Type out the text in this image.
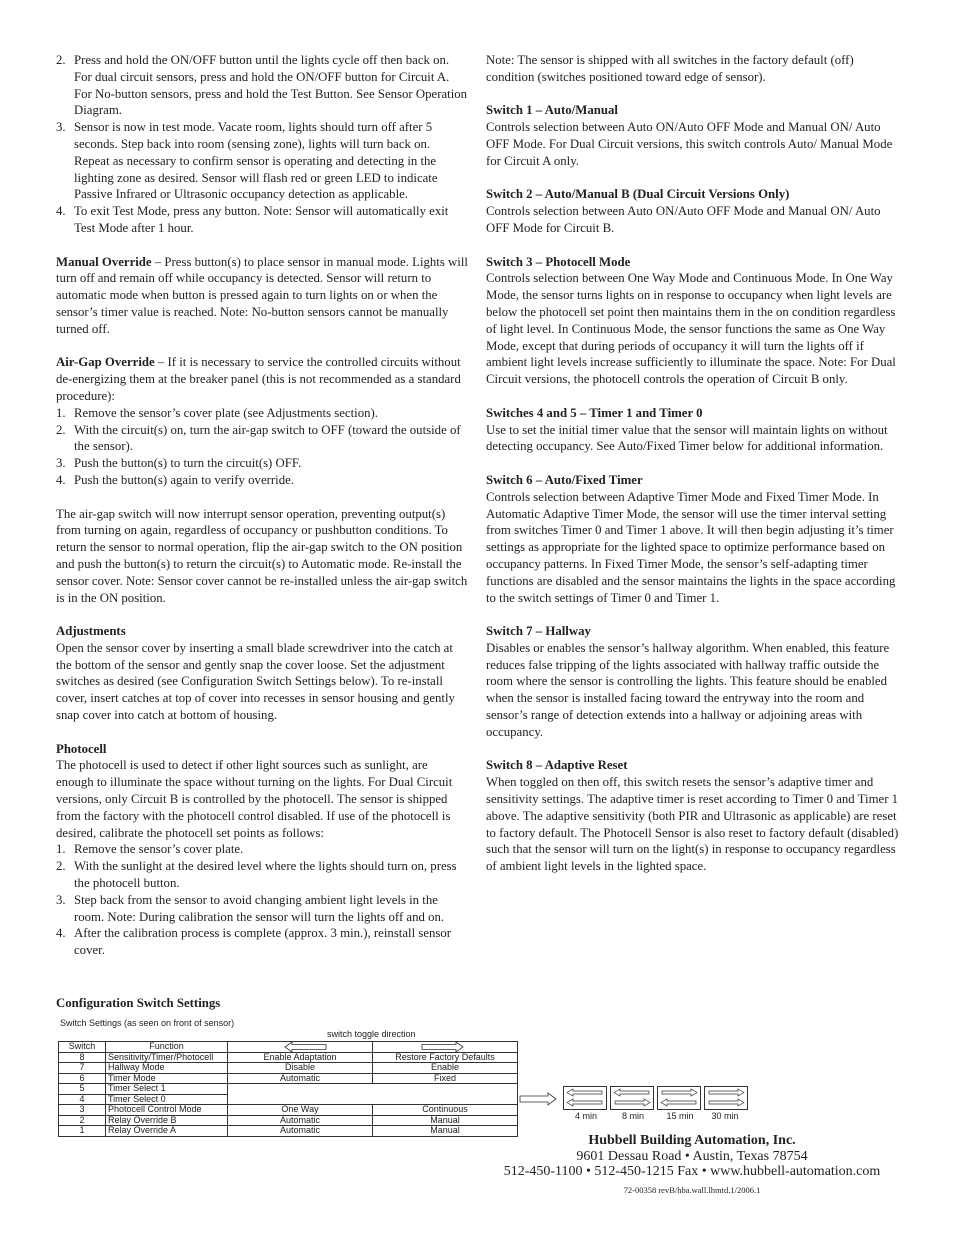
2. Press and hold the ON/OFF button until the lights cycle off then back on. For dual circuit sensors, press and hold the ON/OFF button for Circuit A. For No-button sensors, press and hold the Test Button. See Sensor Operation Diagram.
3. Sensor is now in test mode. Vacate room, lights should turn off after 5 seconds. Step back into room (sensing zone), lights will turn back on. Repeat as necessary to confirm sensor is operating and detecting in the lighting zone as desired. Sensor will flash red or green LED to indicate Passive Infrared or Ultrasonic occupancy detection as applicable.
4. To exit Test Mode, press any button. Note: Sensor will automatically exit Test Mode after 1 hour.

Manual Override – Press button(s) to place sensor in manual mode. Lights will turn off and remain off while occupancy is detected. Sensor will return to automatic mode when button is pressed again to turn lights on or when the sensor’s timer value is reached. Note: No-button sensors cannot be manually turned off.

Air-Gap Override – If it is necessary to service the controlled circuits without de-energizing them at the breaker panel (this is not recommended as a standard procedure):

1. Remove the sensor’s cover plate (see Adjustments section).
2. With the circuit(s) on, turn the air-gap switch to OFF (toward the outside of the sensor).
3. Push the button(s) to turn the circuit(s) OFF.
4. Push the button(s) again to verify override.

The air-gap switch will now interrupt sensor operation, preventing output(s) from turning on again, regardless of occupancy or pushbutton conditions. To return the sensor to normal operation, flip the air-gap switch to the ON position and push the button(s) to return the circuit(s) to Automatic mode. Re-install the sensor cover. Note: Sensor cover cannot be re-installed unless the air-gap switch is in the ON position.

Adjustments

Open the sensor cover by inserting a small blade screwdriver into the catch at the bottom of the sensor and gently snap the cover loose. Set the adjustment switches as desired (see Configuration Switch Settings below). To re-install cover, insert catches at top of cover into recesses in sensor housing and gently snap cover into catch at bottom of housing.

Photocell

The photocell is used to detect if other light sources such as sunlight, are enough to illuminate the space without turning on the lights. For Dual Circuit versions, only Circuit B is controlled by the photocell. The sensor is shipped from the factory with the photocell control disabled. If use of the photocell is desired, calibrate the photocell set points as follows:

1. Remove the sensor’s cover plate.
2. With the sunlight at the desired level where the lights should turn on, press the photocell button.
3. Step back from the sensor to avoid changing ambient light levels in the room. Note: During calibration the sensor will turn the lights off and on.
4. After the calibration process is complete (approx. 3 min.), reinstall sensor cover.

Note: The sensor is shipped with all switches in the factory default (off) condition (switches positioned toward edge of sensor).

Switch 1 – Auto/Manual

Controls selection between Auto ON/Auto OFF Mode and Manual ON/ Auto OFF Mode. For Dual Circuit versions, this switch controls Auto/ Manual Mode for Circuit A only.

Switch 2 – Auto/Manual B (Dual Circuit Versions Only)

Controls selection between Auto ON/Auto OFF Mode and Manual ON/ Auto OFF Mode for Circuit B.

Switch 3 – Photocell Mode

Controls selection between One Way Mode and Continuous Mode. In One Way Mode, the sensor turns lights on in response to occupancy when light levels are below the photocell set point then maintains them in the on condition regardless of light level. In Continuous Mode, the sensor functions the same as One Way Mode, except that during periods of occupancy it will turn the lights off if ambient light levels increase sufficiently to illuminate the space. Note: For Dual Circuit versions, the photocell controls the operation of Circuit B only.

Switches 4 and 5 – Timer 1 and Timer 0

Use to set the initial timer value that the sensor will maintain lights on without detecting occupancy. See Auto/Fixed Timer below for additional information.

Switch 6 – Auto/Fixed Timer

Controls selection between Adaptive Timer Mode and Fixed Timer Mode. In Automatic Adaptive Timer Mode, the sensor will use the timer interval setting from switches Timer 0 and Timer 1 above. It will then begin adjusting it’s timer settings as appropriate for the lighted space to optimize performance based on occupancy patterns. In Fixed Timer Mode, the sensor’s self-adapting timer functions are disabled and the sensor maintains the lights in the space according to the switch settings of Timer 0 and Timer 1.

Switch 7 – Hallway

Disables or enables the sensor’s hallway algorithm. When enabled, this feature reduces false tripping of the lights associated with hallway traffic outside the room where the sensor is controlling the lights. This feature should be enabled when the sensor is installed facing toward the entryway into the room and sensor’s range of detection extends into a hallway or adjoining areas with occupancy.

Switch 8 – Adaptive Reset

When toggled on then off, this switch resets the sensor’s adaptive timer and sensitivity settings. The adaptive timer is reset according to Timer 0 and Timer 1 above. The adaptive sensitivity (both PIR and Ultrasonic as applicable) are reset to factory default. The Photocell Sensor is also reset to factory default (disabled) such that the sensor will turn on the light(s) in response to occupancy regardless of ambient light levels in the lighted space.

Configuration Switch Settings
Switch Settings (as seen on front of sensor)
switch toggle direction
Switch	Function		
8	Sensitivity/Timer/Photocell	Enable Adaptation	Restore Factory Defaults
7	Hallway Mode	Disable	Enable
6	Timer Mode	Automatic	Fixed
5	Timer Select 1		
4	Timer Select 0		
3	Photocell Control Mode	One Way	Continuous
2	Relay Override B	Automatic	Manual
1	Relay Override A	Automatic	Manual
4 min	8 min	15 min	30 min
Hubbell Building Automation, Inc.
9601 Dessau Road • Austin, Texas 78754
512-450-1100 • 512-450-1215 Fax • www.hubbell-automation.com
72-00358 revB/hba.wall.lhmtd.1/2006.1
